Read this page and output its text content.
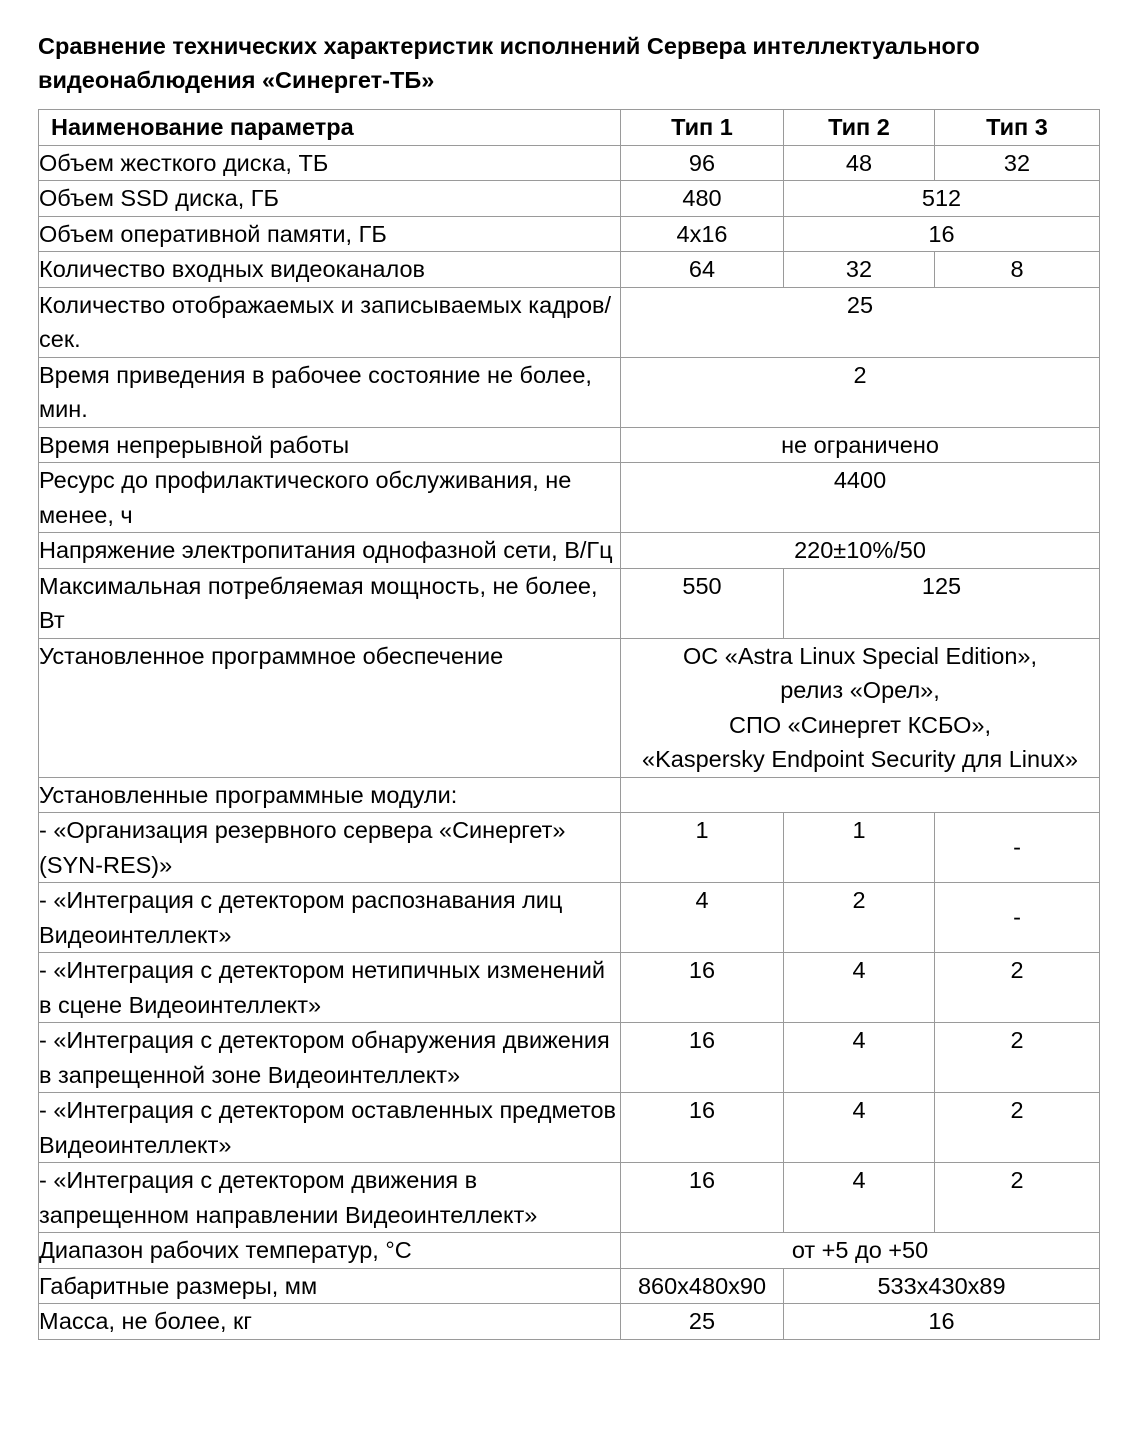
Сравнение технических характеристик исполнений Сервера интеллектуального видеонаблюдения «Синергет-ТБ»
Наименование параметра	Тип 1	Тип 2	Тип 3
Объем жесткого диска, ТБ	96	48	32
Объем SSD диска, ГБ	480	512	
Объем оперативной памяти, ГБ	4x16	16	
Количество входных видеоканалов	64	32	8
Количество отображаемых и записываемых кадров/сек.	25		
Время приведения в рабочее состояние не более, мин.	2		
Время непрерывной работы	не ограничено		
Ресурс до профилактического обслуживания, не менее, ч	4400		
Напряжение электропитания однофазной сети, В/Гц	220±10%/50		
Максимальная потребляемая мощность, не более, Вт	550	125	
Установленное программное обеспечение	ОС «Astra Linux Special Edition»,
релиз «Орел»,
СПО «Синергет КСБО»,
«Kaspersky Endpoint Security для Linux»		

Установленные программные модули:			
- «Организация резервного сервера «Синергет» (SYN-RES)»	1	1	-
- «Интеграция с детектором распознавания лиц Видеоинтеллект»	4	2	-
- «Интеграция с детектором нетипичных изменений в сцене Видеоинтеллект»	16	4	2
- «Интеграция с детектором обнаружения движения в запрещенной зоне Видеоинтеллект»	16	4	2
- «Интеграция с детектором оставленных предметов Видеоинтеллект»	16	4	2
- «Интеграция с детектором движения в запрещенном направлении Видеоинтеллект»	16	4	2
Диапазон рабочих температур, °С	от +5 до +50		
Габаритные размеры, мм	860x480x90	533x430x89	
Масса, не более, кг	25	16	
